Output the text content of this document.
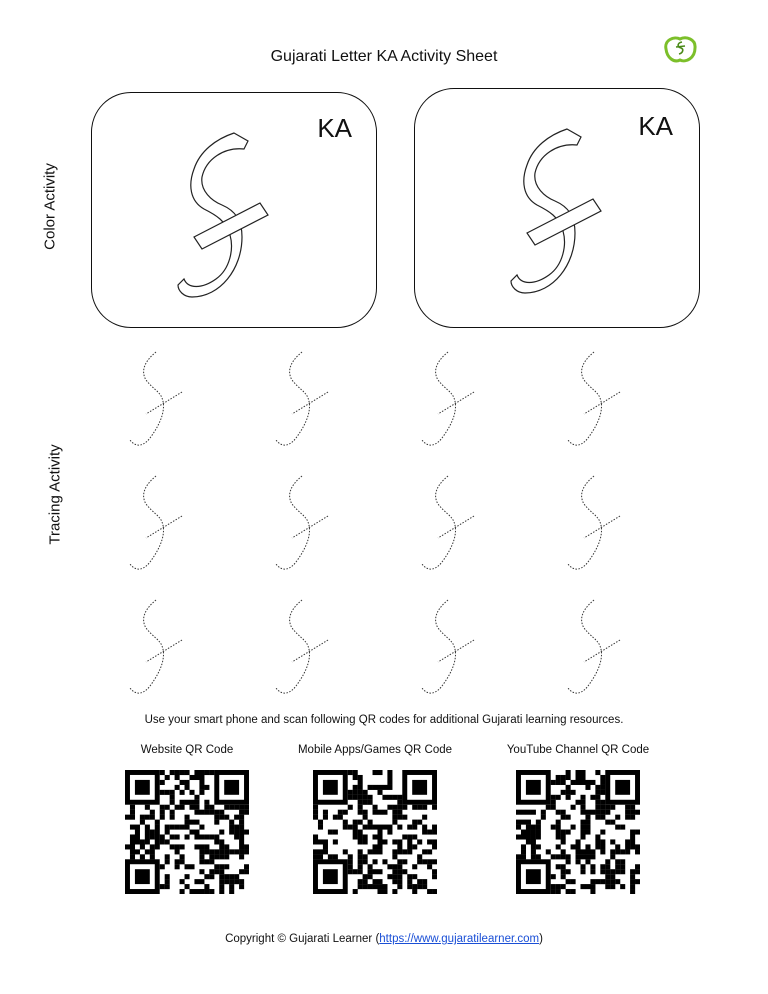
Gujarati Letter KA Activity Sheet
Color Activity
Tracing Activity
KA	KA
Use your smart phone and scan following QR codes for additional Gujarati learning resources.
Website QR Code	Mobile Apps/Games QR Code	YouTube Channel QR Code
Copyright © Gujarati Learner (https://www.gujaratilearner.com)
